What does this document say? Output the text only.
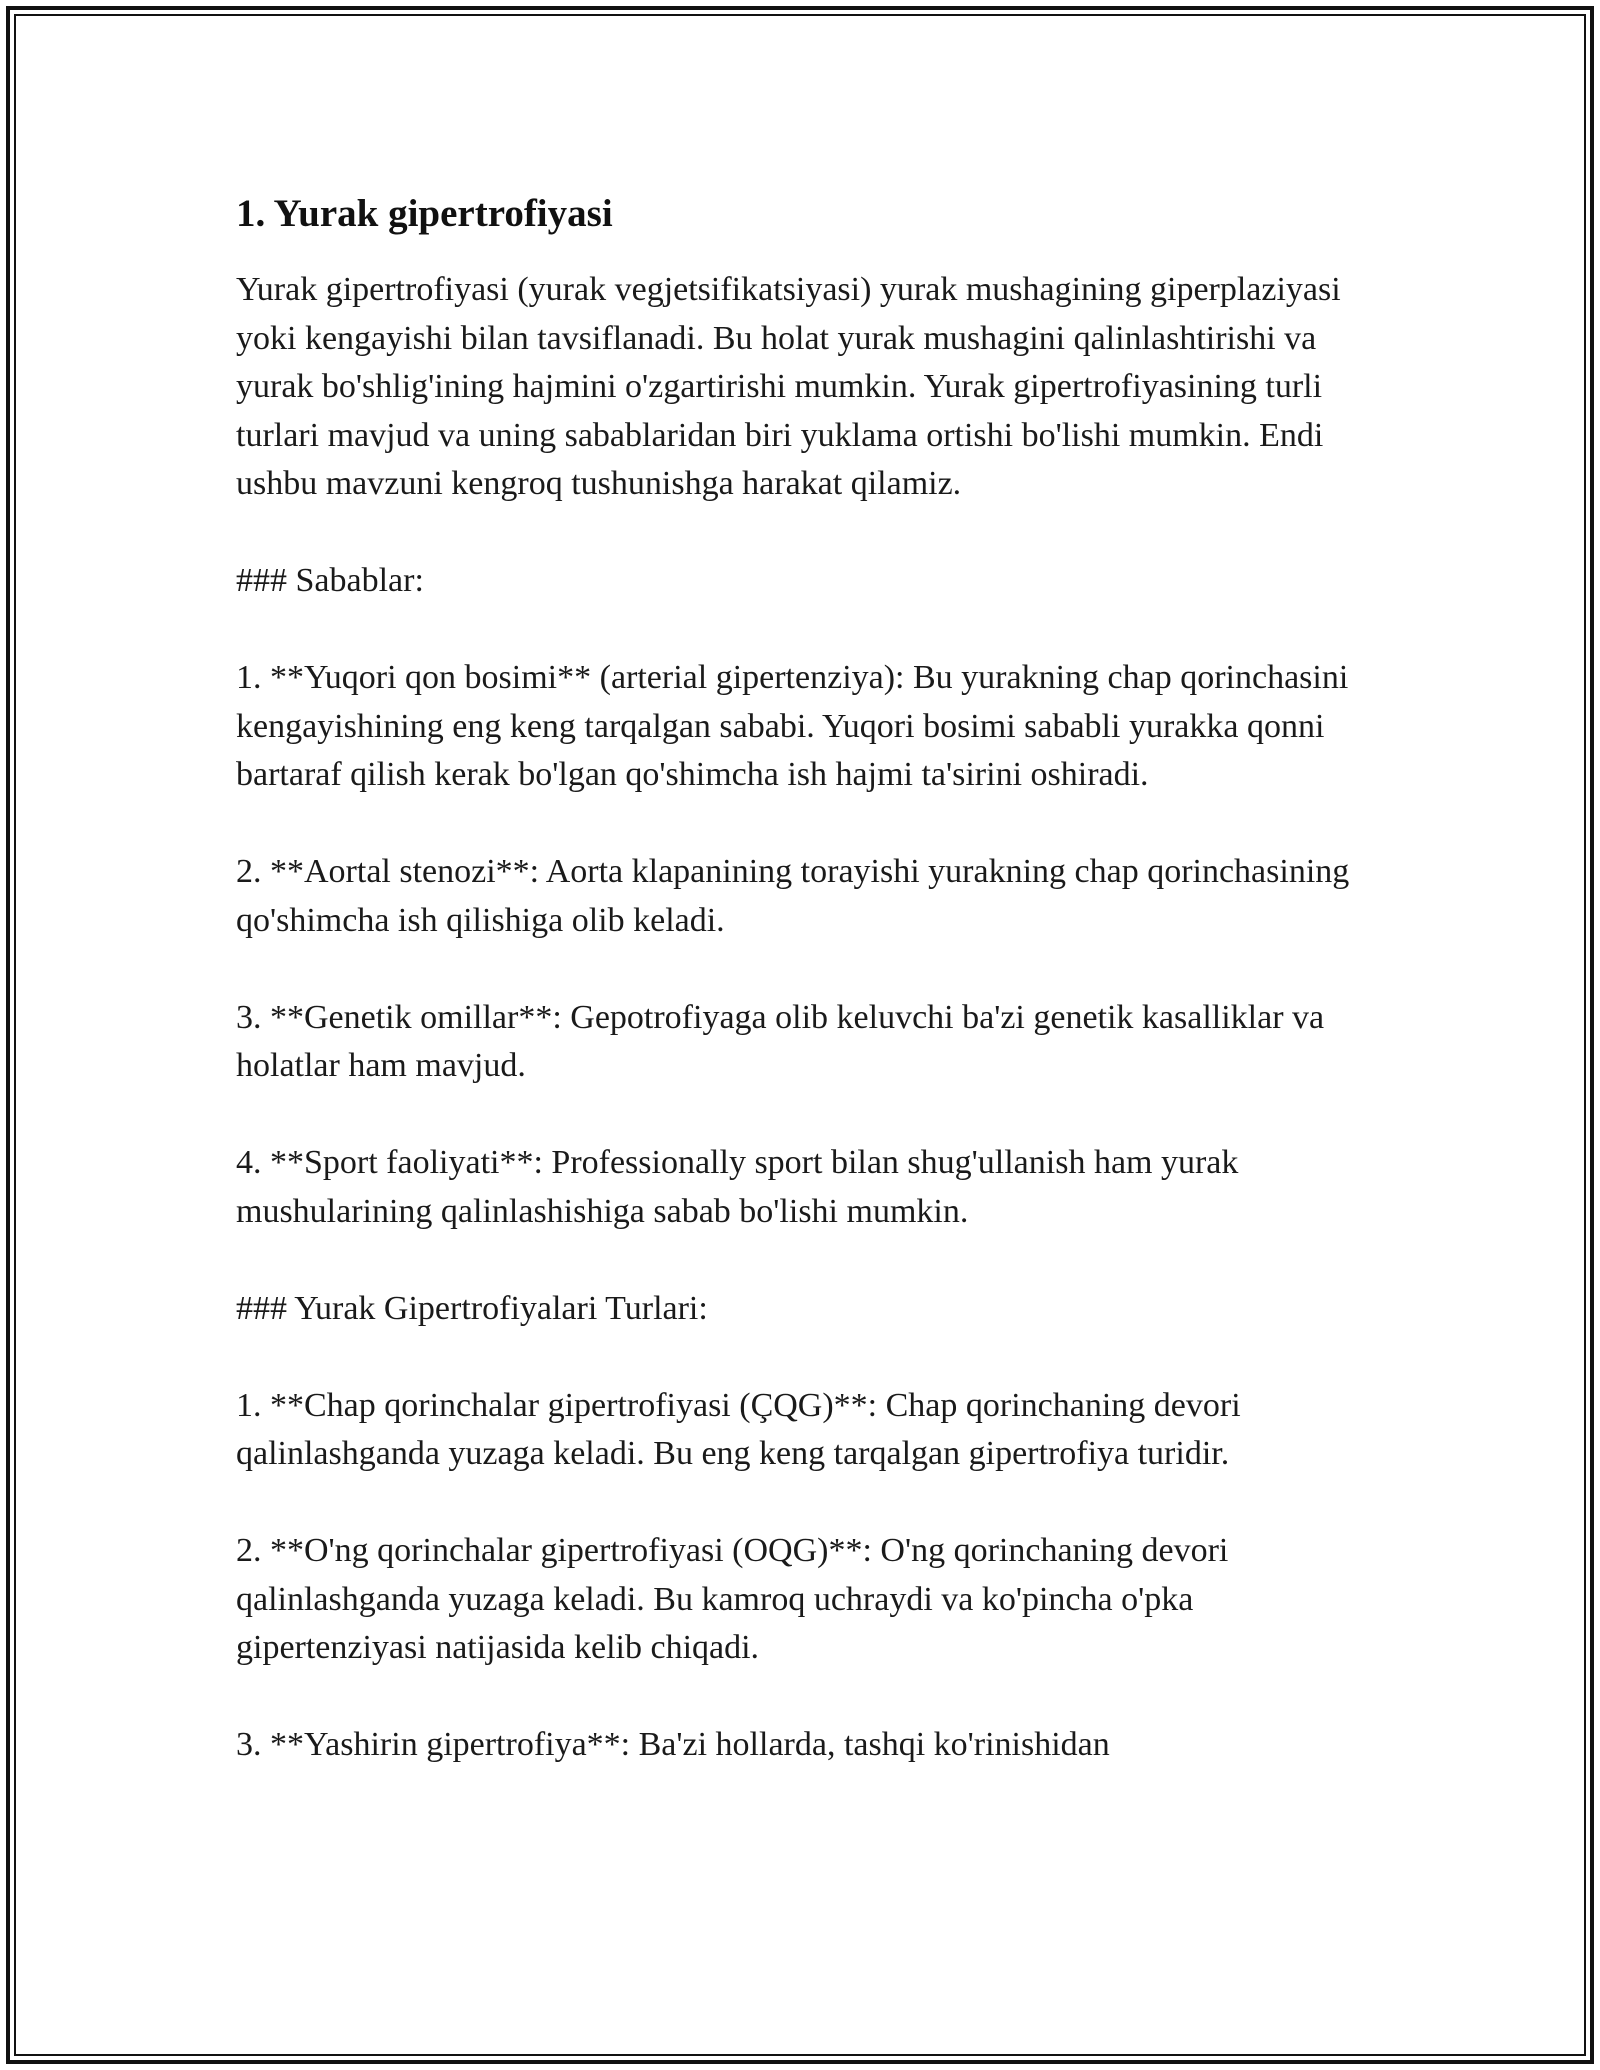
1. Yurak gipertrofiyasi

Yurak gipertrofiyasi (yurak vegjetsifikatsiyasi) yurak mushagining giperplaziyasi yoki kengayishi bilan tavsiflanadi. Bu holat yurak mushagini qalinlashtirishi va yurak bo'shlig'ining hajmini o'zgartirishi mumkin. Yurak gipertrofiyasining turli turlari mavjud va uning sabablaridan biri yuklama ortishi bo'lishi mumkin. Endi ushbu mavzuni kengroq tushunishga harakat qilamiz.

### Sabablar:

1. **Yuqori qon bosimi** (arterial gipertenziya): Bu yurakning chap qorinchasini kengayishining eng keng tarqalgan sababi. Yuqori bosimi sababli yurakka qonni bartaraf qilish kerak bo'lgan qo'shimcha ish hajmi ta'sirini oshiradi.

2. **Aortal stenozi**: Aorta klapanining torayishi yurakning chap qorinchasining qo'shimcha ish qilishiga olib keladi.

3. **Genetik omillar**: Gepotrofiyaga olib keluvchi ba'zi genetik kasalliklar va holatlar ham mavjud.

4. **Sport faoliyati**: Professionally sport bilan shug'ullanish ham yurak mushularining qalinlashishiga sabab bo'lishi mumkin.

### Yurak Gipertrofiyalari Turlari:

1. **Chap qorinchalar gipertrofiyasi (ÇQG)**: Chap qorinchaning devori qalinlashganda yuzaga keladi. Bu eng keng tarqalgan gipertrofiya turidir.

2. **O'ng qorinchalar gipertrofiyasi (OQG)**: O'ng qorinchaning devori qalinlashganda yuzaga keladi. Bu kamroq uchraydi va ko'pincha o'pka gipertenziyasi natijasida kelib chiqadi.

3. **Yashirin gipertrofiya**: Ba'zi hollarda, tashqi ko'rinishidan
